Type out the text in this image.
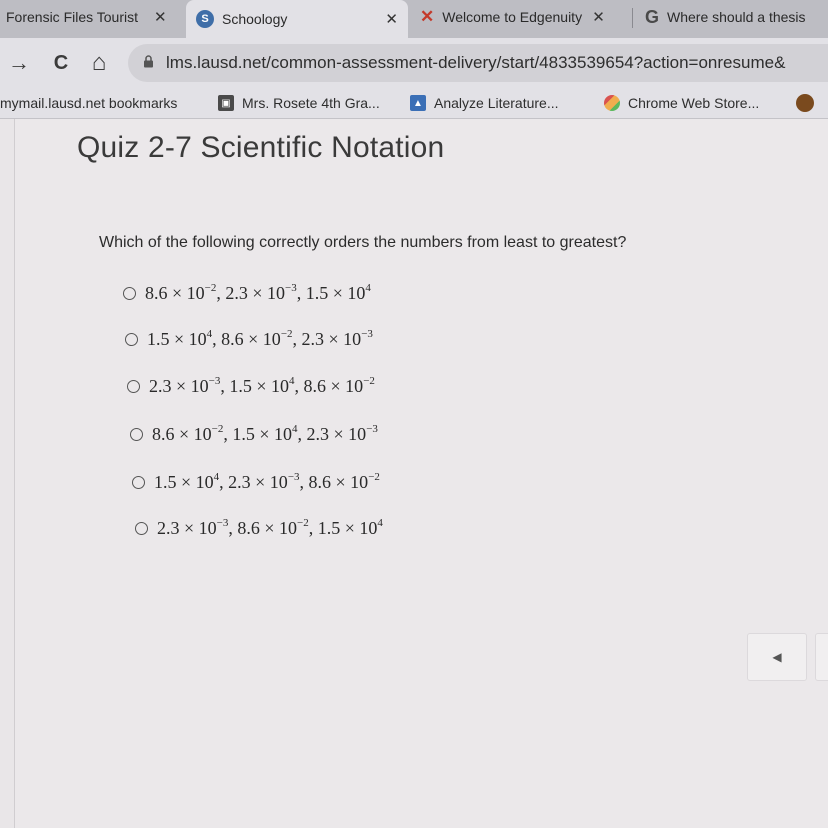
Forensic Files Tourist	✕	S Schoology	✕ ✕ Welcome to Edgenuity ✕ G Where should a thesis
→	C ⌂	lms.lausd.net/common-assessment-delivery/start/4833539654?action=onresume&
mymail.lausd.net bookmarks	▣ Mrs. Rosete 4th Gra...	▲ Analyze Literature...	Chrome Web Store...
Quiz 2-7 Scientific Notation
Which of the following correctly orders the numbers from least to greatest?
$8.6 \times 10^{-2}$, $2.3 \times 10^{-3}$, $1.5 \times 10^4$
$1.5 \times 10^4$, $8.6 \times 10^{-2}$, $2.3 \times 10^{-3}$
$2.3 \times 10^{-3}$, $1.5 \times 10^4$, $8.6 \times 10^{-2}$
$8.6 \times 10^{-2}$, $1.5 \times 10^4$, $2.3 \times 10^{-3}$
$1.5 \times 10^4$, $2.3 \times 10^{-3}$, $8.6 \times 10^{-2}$
$2.3 \times 10^{-3}$, $8.6 \times 10^{-2}$, $1.5 \times 10^4$
◀
